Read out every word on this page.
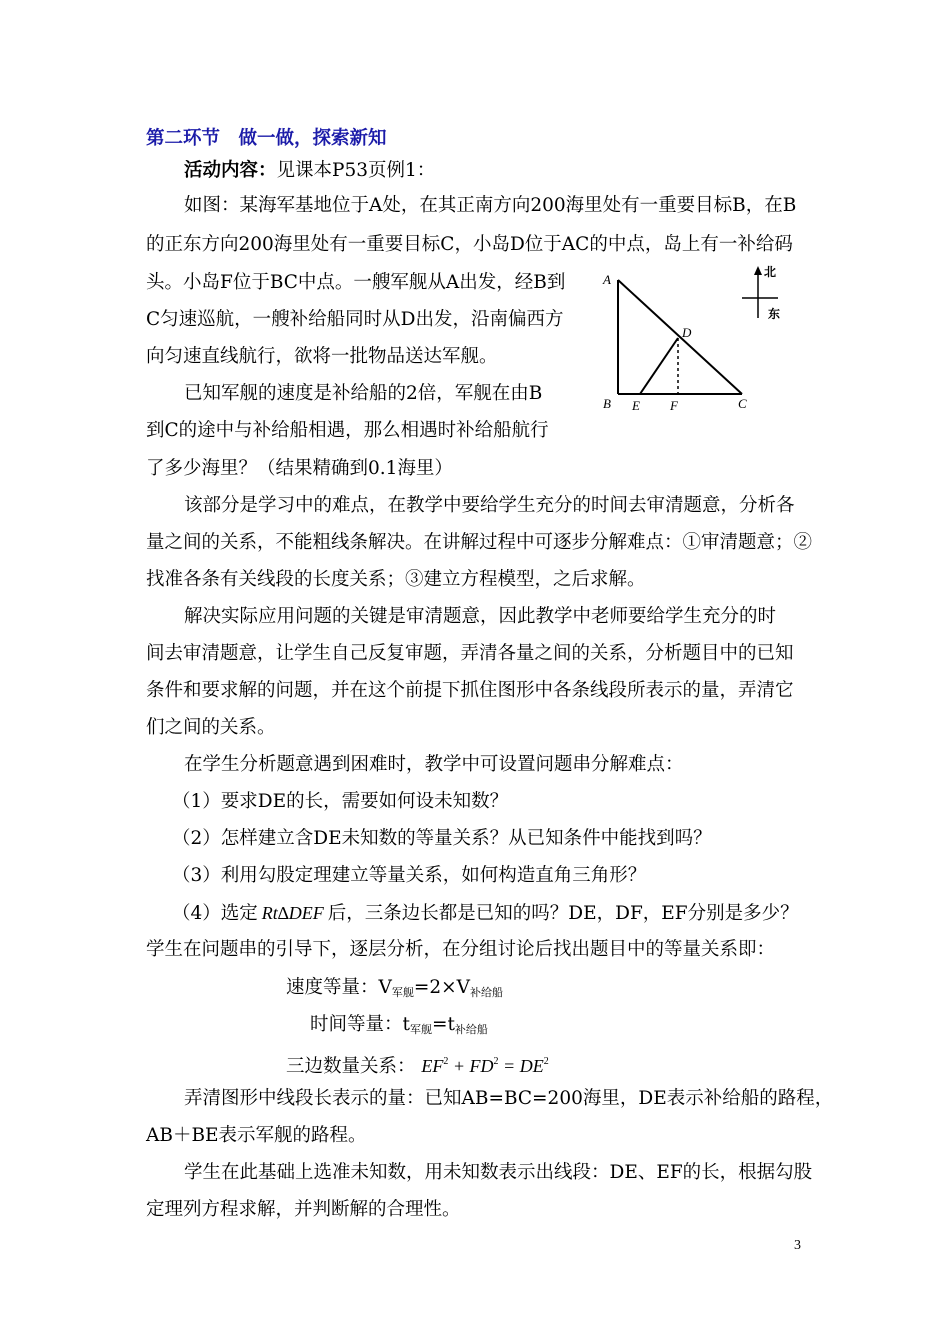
第二环节　做一做，探索新知
活动内容：见课本P53页例1：
如图：某海军基地位于A处，在其正南方向200海里处有一重要目标B，在B
的正东方向200海里处有一重要目标C，小岛D位于AC的中点，岛上有一补给码
头。小岛F位于BC中点。一艘军舰从A出发，经B到
C匀速巡航，一艘补给船同时从D出发，沿南偏西方
向匀速直线航行，欲将一批物品送达军舰。
已知军舰的速度是补给船的2倍，军舰在由B
到C的途中与补给船相遇，那么相遇时补给船航行
了多少海里？（结果精确到0.1海里）
A
B	C
D
E F
北
东
该部分是学习中的难点，在教学中要给学生充分的时间去审清题意，分析各
量之间的关系，不能粗线条解决。在讲解过程中可逐步分解难点：①审清题意；②
找准各条有关线段的长度关系；③建立方程模型，之后求解。
解决实际应用问题的关键是审清题意，因此教学中老师要给学生充分的时
间去审清题意，让学生自己反复审题，弄清各量之间的关系，分析题目中的已知
条件和要求解的问题，并在这个前提下抓住图形中各条线段所表示的量，弄清它
们之间的关系。
在学生分析题意遇到困难时，教学中可设置问题串分解难点：
（1）要求DE的长，需要如何设未知数？
（2）怎样建立含DE未知数的等量关系？从已知条件中能找到吗？
（3）利用勾股定理建立等量关系，如何构造直角三角形？
（4）选定 Rt∆DEF 后，三条边长都是已知的吗？DE，DF，EF分别是多少？
学生在问题串的引导下，逐层分析，在分组讨论后找出题目中的等量关系即：
速度等量：$V_{军舰}=2\times V_{补给船}$
时间等量：$t_{军舰}=t_{补给船}$
三边数量关系： $EF^2 + FD^2 = DE^2$
弄清图形中线段长表示的量：已知AB=BC=200海里，DE表示补给船的路程，
AB＋BE表示军舰的路程。
学生在此基础上选准未知数，用未知数表示出线段：DE、EF的长，根据勾股
定理列方程求解，并判断解的合理性。
3
